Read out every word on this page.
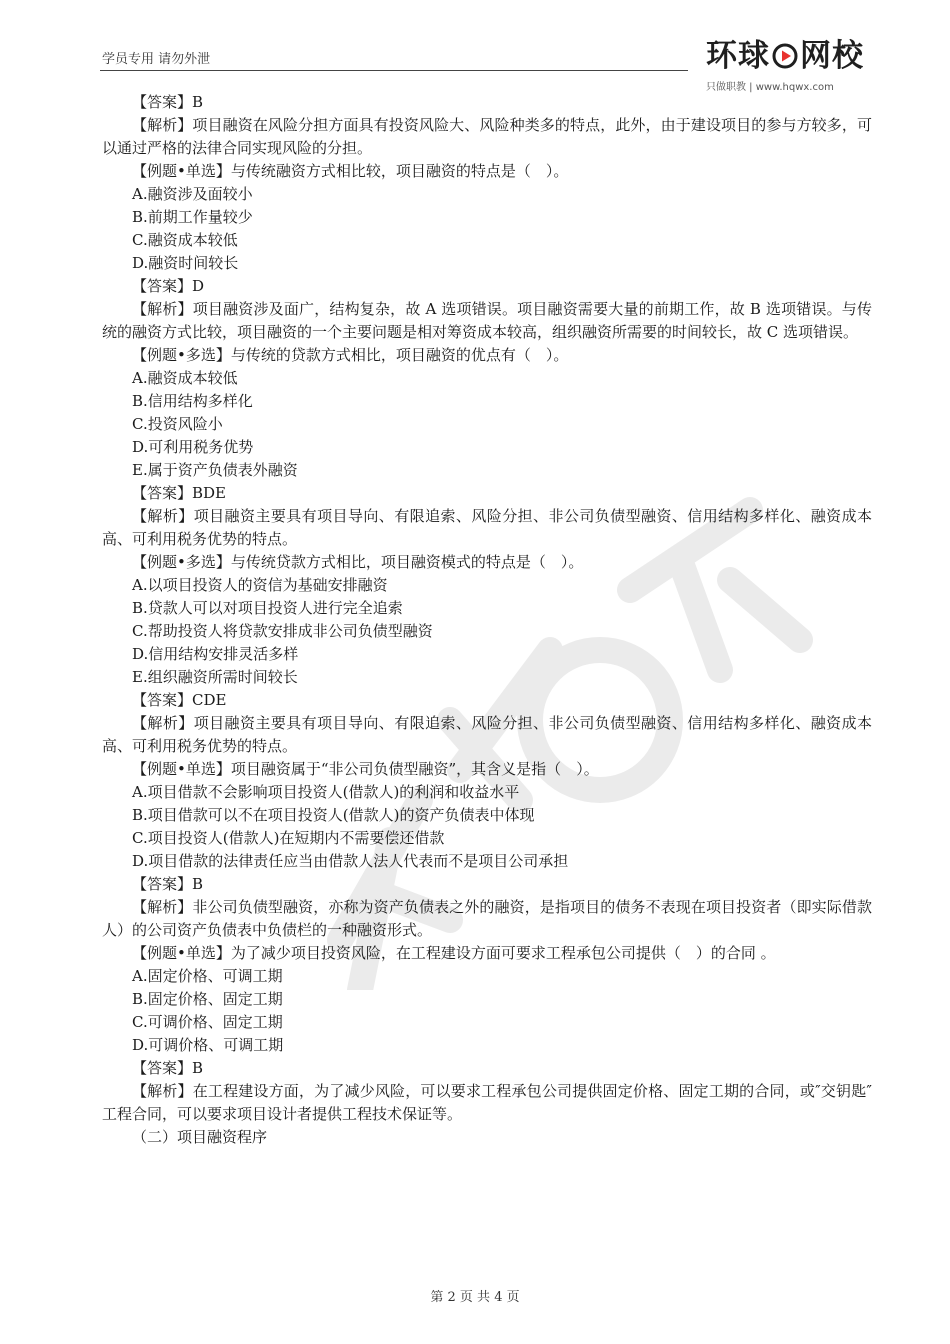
学员专用 请勿外泄	环球 网校
只做职教 | www.hqwx.com

【答案】B

【解析】项目融资在风险分担方面具有投资风险大、风险种类多的特点，此外，由于建设项目的参与方较多，可以通过严格的法律合同实现风险的分担。

【例题•单选】与传统融资方式相比较，项目融资的特点是（　）。

A.融资涉及面较小

B.前期工作量较少

C.融资成本较低

D.融资时间较长

【答案】D

【解析】项目融资涉及面广，结构复杂，故 A 选项错误。项目融资需要大量的前期工作，故 B 选项错误。与传统的融资方式比较，项目融资的一个主要问题是相对筹资成本较高，组织融资所需要的时间较长，故 C 选项错误。

【例题•多选】与传统的贷款方式相比，项目融资的优点有（　）。

A.融资成本较低

B.信用结构多样化

C.投资风险小

D.可利用税务优势

E.属于资产负债表外融资

【答案】BDE

【解析】项目融资主要具有项目导向、有限追索、风险分担、非公司负债型融资、信用结构多样化、融资成本高、可利用税务优势的特点。

【例题•多选】与传统贷款方式相比，项目融资模式的特点是（　）。

A.以项目投资人的资信为基础安排融资

B.贷款人可以对项目投资人进行完全追索

C.帮助投资人将贷款安排成非公司负债型融资

D.信用结构安排灵活多样

E.组织融资所需时间较长

【答案】CDE

【解析】项目融资主要具有项目导向、有限追索、风险分担、非公司负债型融资、信用结构多样化、融资成本高、可利用税务优势的特点。

【例题•单选】项目融资属于“非公司负债型融资”，其含义是指（　）。

A.项目借款不会影响项目投资人(借款人)的利润和收益水平

B.项目借款可以不在项目投资人(借款人)的资产负债表中体现

C.项目投资人(借款人)在短期内不需要偿还借款

D.项目借款的法律责任应当由借款人法人代表而不是项目公司承担

【答案】B

【解析】非公司负债型融资，亦称为资产负债表之外的融资，是指项目的债务不表现在项目投资者（即实际借款人）的公司资产负债表中负债栏的一种融资形式。

【例题•单选】为了减少项目投资风险，在工程建设方面可要求工程承包公司提供（　）的合同 。

A.固定价格、可调工期

B.固定价格、固定工期

C.可调价格、固定工期

D.可调价格、可调工期

【答案】B

【解析】在工程建设方面，为了减少风险，可以要求工程承包公司提供固定价格、固定工期的合同，或″交钥匙″工程合同，可以要求项目设计者提供工程技术保证等。

（二）项目融资程序

第 2 页 共 4 页
